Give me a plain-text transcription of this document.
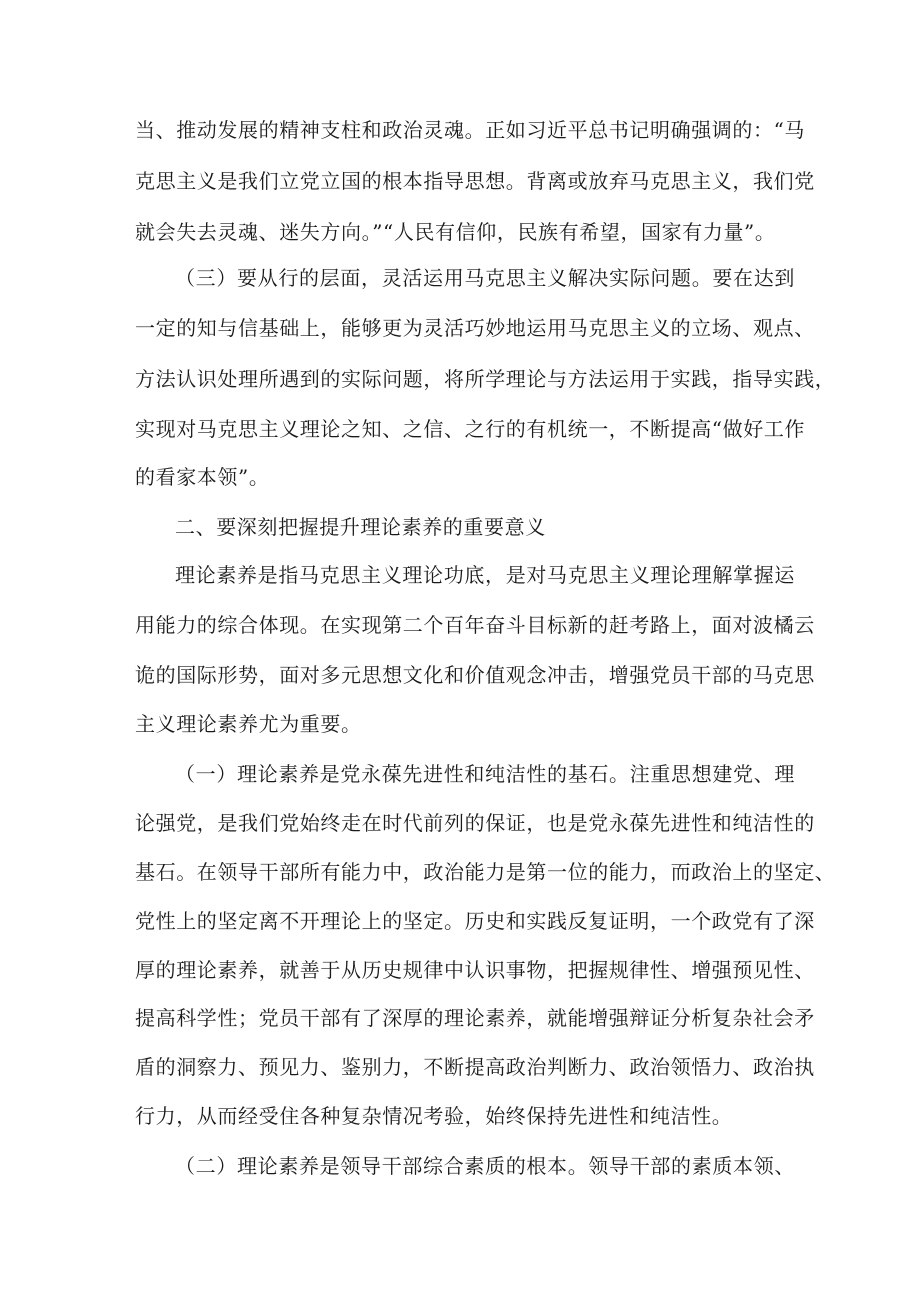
当、推动发展的精神支柱和政治灵魂。正如习近平总书记明确强调的：“马
克思主义是我们立党立国的根本指导思想。背离或放弃马克思主义，我们党
就会失去灵魂、迷失方向。”“人民有信仰，民族有希望，国家有力量”。
（三）要从行的层面，灵活运用马克思主义解决实际问题。要在达到
一定的知与信基础上，能够更为灵活巧妙地运用马克思主义的立场、观点、
方法认识处理所遇到的实际问题，将所学理论与方法运用于实践，指导实践，
实现对马克思主义理论之知、之信、之行的有机统一，不断提高“做好工作
的看家本领”。
二、要深刻把握提升理论素养的重要意义
理论素养是指马克思主义理论功底，是对马克思主义理论理解掌握运
用能力的综合体现。在实现第二个百年奋斗目标新的赶考路上，面对波橘云
诡的国际形势，面对多元思想文化和价值观念冲击，增强党员干部的马克思
主义理论素养尤为重要。
（一）理论素养是党永葆先进性和纯洁性的基石。注重思想建党、理
论强党，是我们党始终走在时代前列的保证，也是党永葆先进性和纯洁性的
基石。在领导干部所有能力中，政治能力是第一位的能力，而政治上的坚定、
党性上的坚定离不开理论上的坚定。历史和实践反复证明，一个政党有了深
厚的理论素养，就善于从历史规律中认识事物，把握规律性、增强预见性、
提高科学性；党员干部有了深厚的理论素养，就能增强辩证分析复杂社会矛
盾的洞察力、预见力、鉴别力，不断提高政治判断力、政治领悟力、政治执
行力，从而经受住各种复杂情况考验，始终保持先进性和纯洁性。
（二）理论素养是领导干部综合素质的根本。领导干部的素质本领、
